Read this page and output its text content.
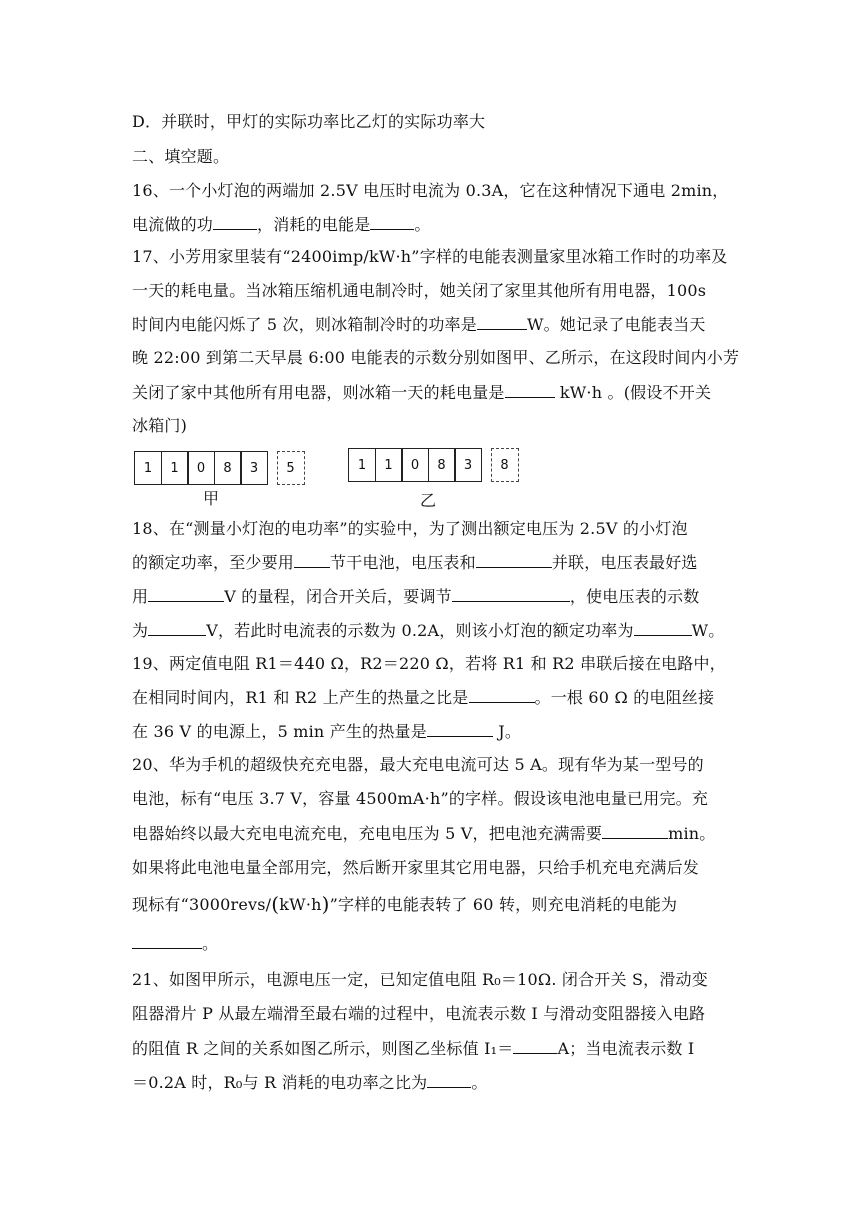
D．并联时，甲灯的实际功率比乙灯的实际功率大
二、填空题。
16、一个小灯泡的两端加 2.5V 电压时电流为 0.3A，它在这种情况下通电 2min，
电流做的功	，消耗的电能是	。
17、小芳用家里装有“2400imp/kW·h”字样的电能表测量家里冰箱工作时的功率及
一天的耗电量。当冰箱压缩机通电制冷时，她关闭了家里其他所有用电器，100s
时间内电能闪烁了 5 次，则冰箱制冷时的功率是	W。她记录了电能表当天
晚 22:00 到第二天早晨 6:00 电能表的示数分别如图甲、乙所示，在这段时间内小芳
关闭了家中其他所有用电器，则冰箱一天的耗电量是	kW·h 。(假设不开关
冰箱门)
1	1	0	8	3	5
甲
1	1	0	8	3	8
乙
18、在“测量小灯泡的电功率”的实验中，为了测出额定电压为 2.5V 的小灯泡
的额定功率，至少要用 节干电池，电压表和	并联，电压表最好选
用	V 的量程，闭合开关后，要调节	，使电压表的示数
为	V，若此时电流表的示数为 0.2A，则该小灯泡的额定功率为	W。
19、两定值电阻 R1＝440 Ω，R2＝220 Ω，若将 R1 和 R2 串联后接在电路中，
在相同时间内，R1 和 R2 上产生的热量之比是	。一根 60 Ω 的电阻丝接
在 36 V 的电源上，5 min 产生的热量是	J。
20、华为手机的超级快充充电器，最大充电电流可达 5 A。现有华为某一型号的
电池，标有“电压 3.7 V，容量 4500mA·h”的字样。假设该电池电量已用完。充
电器始终以最大充电电流充电，充电电压为 5 V，把电池充满需要	min。
如果将此电池电量全部用完，然后断开家里其它用电器，只给手机充电充满后发
现标有“3000revs/(kW·h)”字样的电能表转了 60 转，则充电消耗的电能为
。
21、如图甲所示，电源电压一定，已知定值电阻 R₀＝10Ω. 闭合开关 S，滑动变
阻器滑片 P 从最左端滑至最右端的过程中，电流表示数 I 与滑动变阻器接入电路
的阻值 R 之间的关系如图乙所示，则图乙坐标值 I₁＝	A；当电流表示数 I
＝0.2A 时，R₀与 R 消耗的电功率之比为	。
